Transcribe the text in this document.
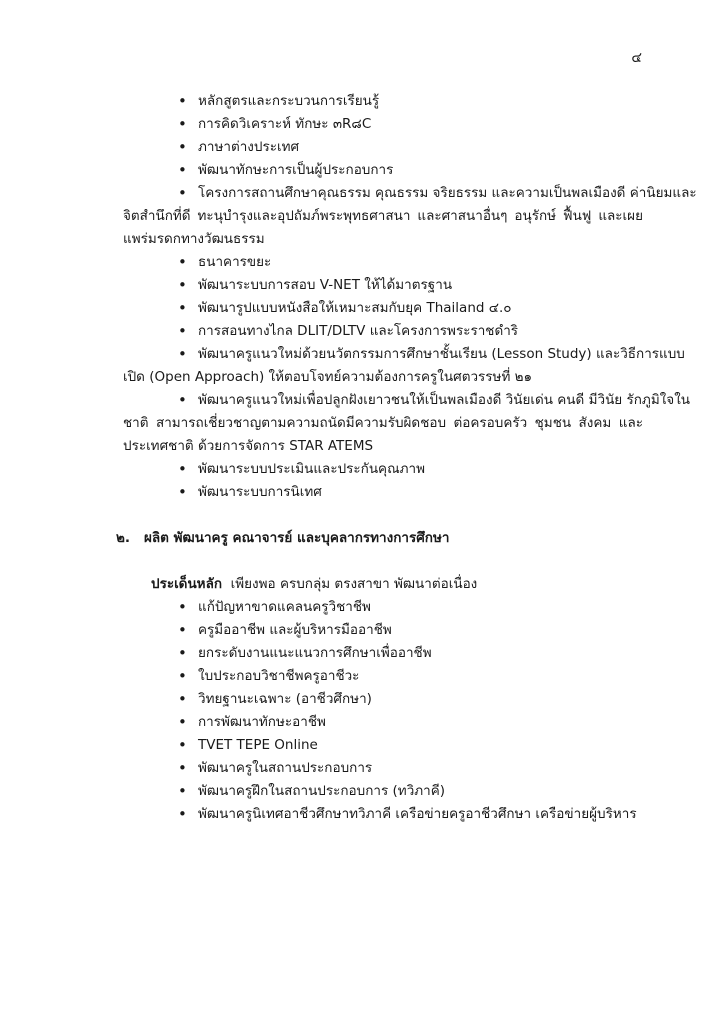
๔
• หลักสูตรและกระบวนการเรียนรู้
• การคิดวิเคราะห์ ทักษะ ๓R๘C
• ภาษาต่างประเทศ
• พัฒนาทักษะการเป็นผู้ประกอบการ
• โครงการสถานศึกษาคุณธรรม คุณธรรม จริยธรรม และความเป็นพลเมืองดี ค่านิยมและ
จิตสำนึกที่ดี ทะนุบำรุงและอุปถัมภ์พระพุทธศาสนา และศาสนาอื่นๆ อนุรักษ์ ฟื้นฟู และเผยแพร่มรดกทางวัฒนธรรม
• ธนาคารขยะ
• พัฒนาระบบการสอบ V-NET ให้ได้มาตรฐาน
• พัฒนารูปแบบหนังสือให้เหมาะสมกับยุค Thailand ๔.๐
• การสอนทางไกล DLIT/DLTV และโครงการพระราชดำริ
• พัฒนาครูแนวใหม่ด้วยนวัตกรรมการศึกษาชั้นเรียน (Lesson Study) และวิธีการแบบ
เปิด (Open Approach) ให้ตอบโจทย์ความต้องการครูในศตวรรษที่ ๒๑
• พัฒนาครูแนวใหม่เพื่อปลูกฝังเยาวชนให้เป็นพลเมืองดี วินัยเด่น คนดี มีวินัย รักภูมิใจใน
ชาติ สามารถเชี่ยวชาญตามความถนัดมีความรับผิดชอบ ต่อครอบครัว ชุมชน สังคม และประเทศชาติ ด้วยการจัดการ STAR ATEMS
• พัฒนาระบบประเมินและประกันคุณภาพ
• พัฒนาระบบการนิเทศ
๒. ผลิต พัฒนาครู คณาจารย์ และบุคลากรทางการศึกษา
ประเด็นหลัก เพียงพอ ครบกลุ่ม ตรงสาขา พัฒนาต่อเนื่อง
• แก้ปัญหาขาดแคลนครูวิชาชีพ
• ครูมืออาชีพ และผู้บริหารมืออาชีพ
• ยกระดับงานแนะแนวการศึกษาเพื่ออาชีพ
• ใบประกอบวิชาชีพครูอาชีวะ
• วิทยฐานะเฉพาะ (อาชีวศึกษา)
• การพัฒนาทักษะอาชีพ
• TVET TEPE Online
• พัฒนาครูในสถานประกอบการ
• พัฒนาครูฝึกในสถานประกอบการ (ทวิภาคี)
• พัฒนาครูนิเทศอาชีวศึกษาทวิภาคี เครือข่ายครูอาชีวศึกษา เครือข่ายผู้บริหาร
